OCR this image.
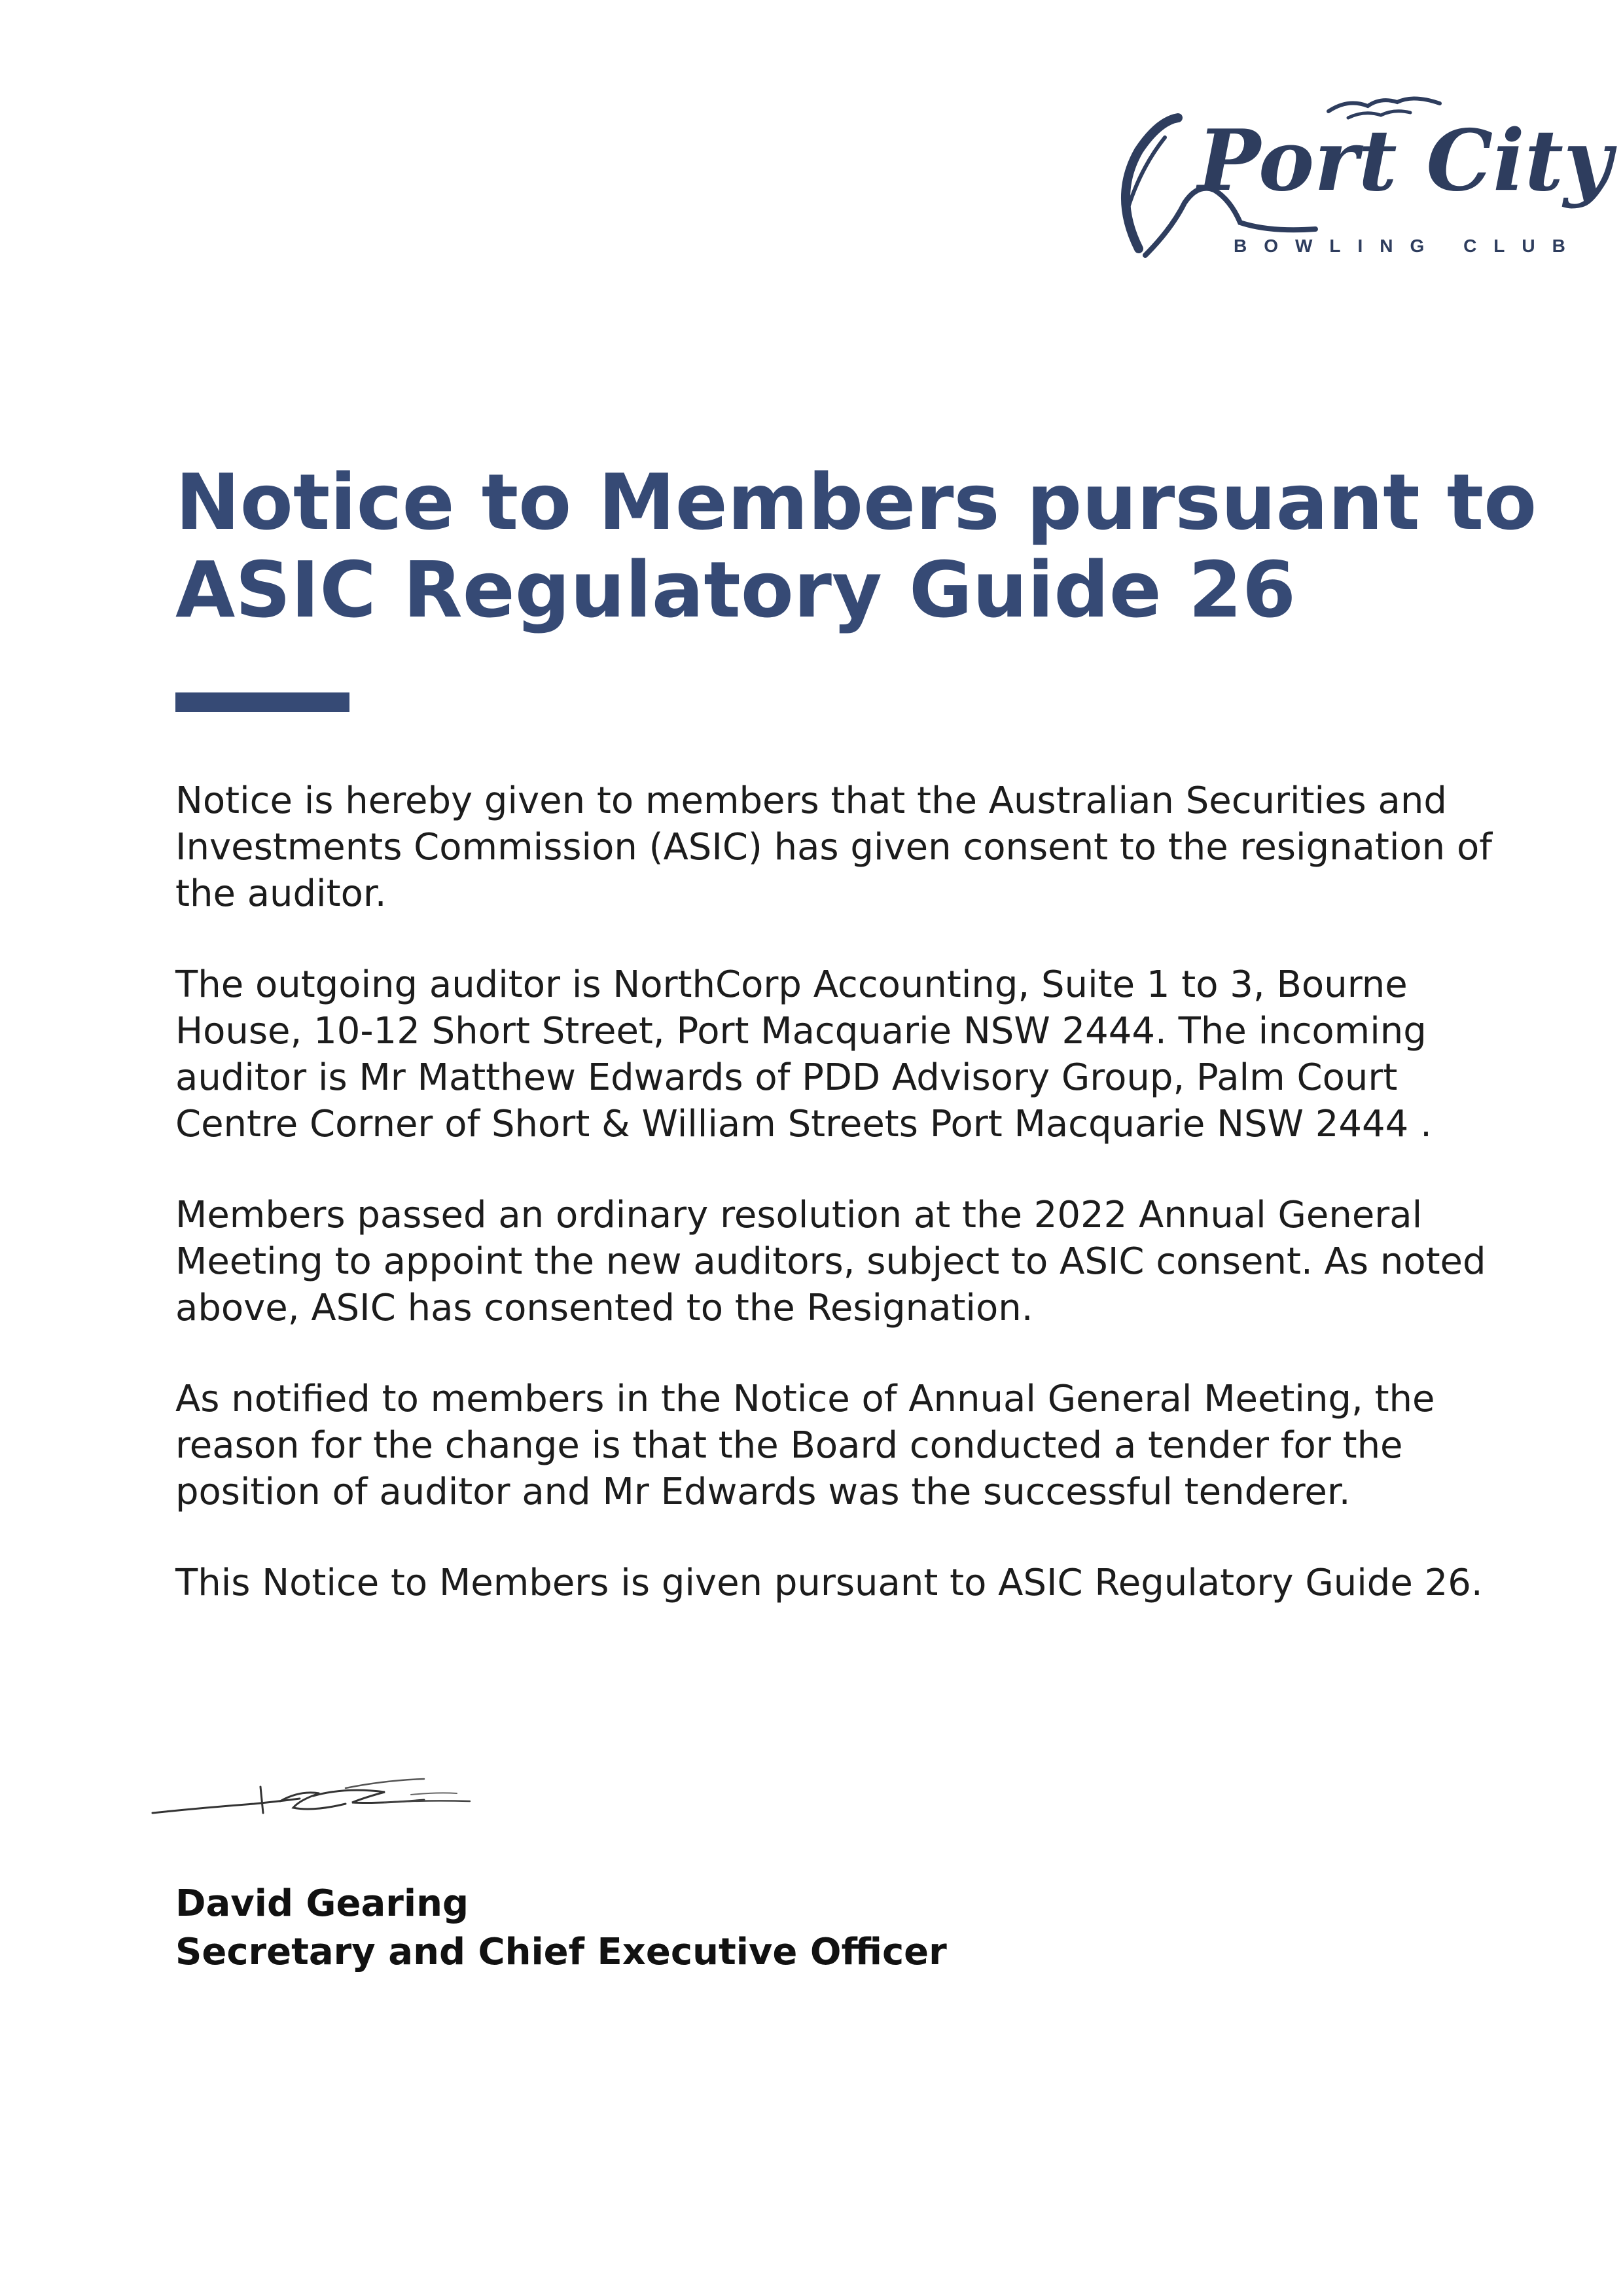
Port City
BOWLING CLUB
Notice to Members pursuant to
ASIC Regulatory Guide 26

Notice is hereby given to members that the Australian Securities and
Investments Commission (ASIC) has given consent to the resignation of
the auditor.

The outgoing auditor is NorthCorp Accounting, Suite 1 to 3, Bourne
House, 10-12 Short Street, Port Macquarie NSW 2444. The incoming
auditor is Mr Matthew Edwards of PDD Advisory Group, Palm Court
Centre Corner of Short & William Streets Port Macquarie NSW 2444 .

Members passed an ordinary resolution at the 2022 Annual General
Meeting to appoint the new auditors, subject to ASIC consent. As noted
above, ASIC has consented to the Resignation.

As notified to members in the Notice of Annual General Meeting, the
reason for the change is that the Board conducted a tender for the
position of auditor and Mr Edwards was the successful tenderer.

This Notice to Members is given pursuant to ASIC Regulatory Guide 26.

David Gearing
Secretary and Chief Executive Officer
